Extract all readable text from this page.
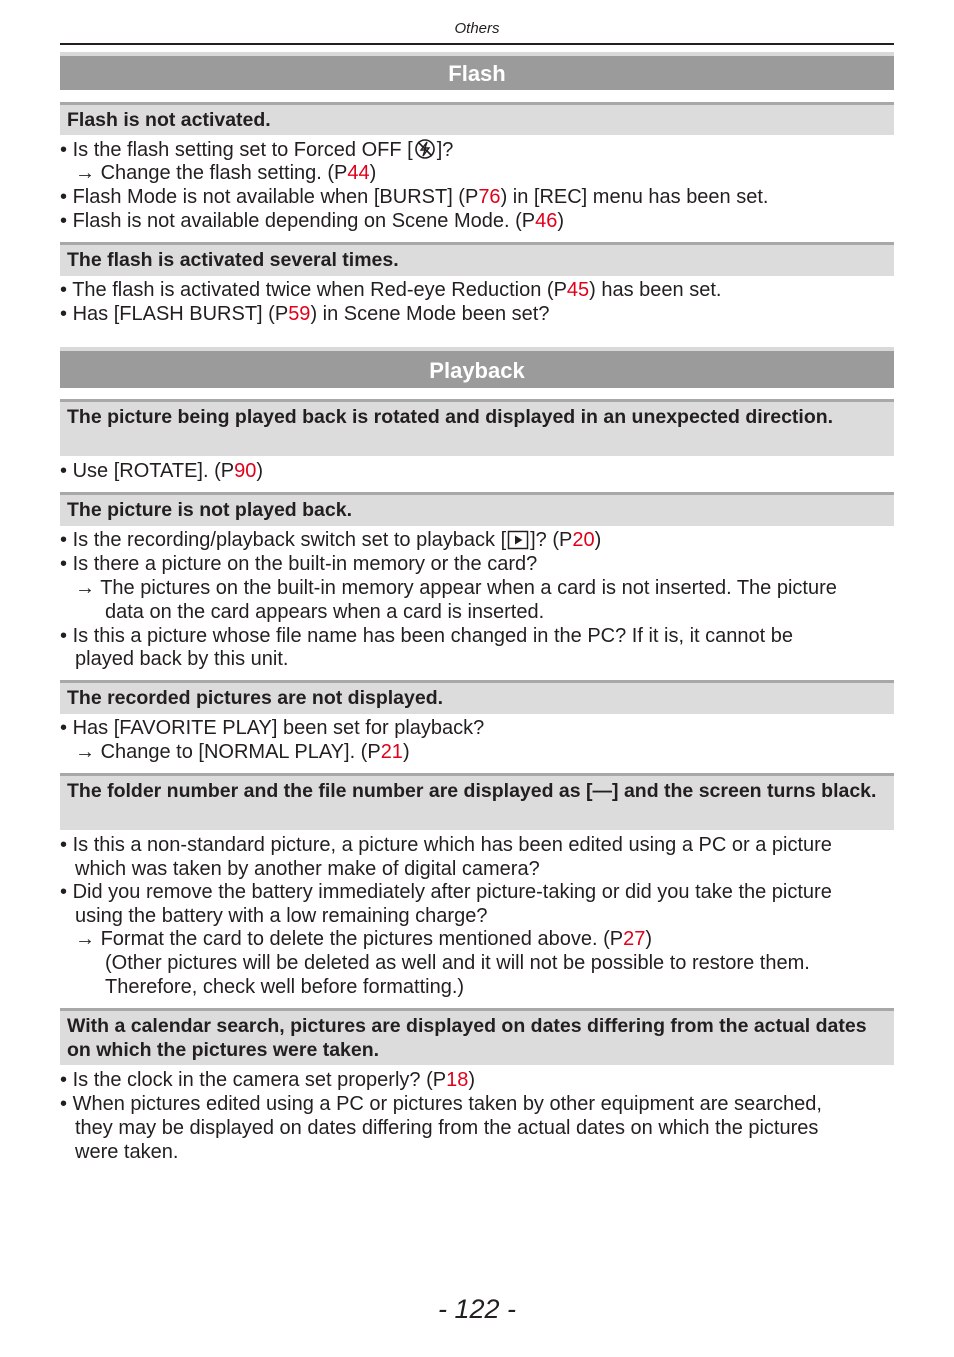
Others
Flash
Flash is not activated.
• Is the flash setting set to Forced OFF [ ]?
→ Change the flash setting. (P44)
• Flash Mode is not available when [BURST] (P76) in [REC] menu has been set.
• Flash is not available depending on Scene Mode. (P46)
The flash is activated several times.
• The flash is activated twice when Red-eye Reduction (P45) has been set.
• Has [FLASH BURST] (P59) in Scene Mode been set?
Playback
The picture being played back is rotated and displayed in an unexpected direction.
• Use [ROTATE]. (P90)
The picture is not played back.
• Is the recording/playback switch set to playback [ ]? (P20)
• Is there a picture on the built-in memory or the card?
→ The pictures on the built-in memory appear when a card is not inserted. The picture
data on the card appears when a card is inserted.
• Is this a picture whose file name has been changed in the PC? If it is, it cannot be
played back by this unit.
The recorded pictures are not displayed.
• Has [FAVORITE PLAY] been set for playback?
→ Change to [NORMAL PLAY]. (P21)
The folder number and the file number are displayed as [—] and the screen turns black.
• Is this a non-standard picture, a picture which has been edited using a PC or a picture
which was taken by another make of digital camera?
• Did you remove the battery immediately after picture-taking or did you take the picture
using the battery with a low remaining charge?
→ Format the card to delete the pictures mentioned above. (P27)
(Other pictures will be deleted as well and it will not be possible to restore them.
Therefore, check well before formatting.)
With a calendar search, pictures are displayed on dates differing from the actual dates on which the pictures were taken.
• Is the clock in the camera set properly? (P18)
• When pictures edited using a PC or pictures taken by other equipment are searched,
they may be displayed on dates differing from the actual dates on which the pictures
were taken.
- 122 -
